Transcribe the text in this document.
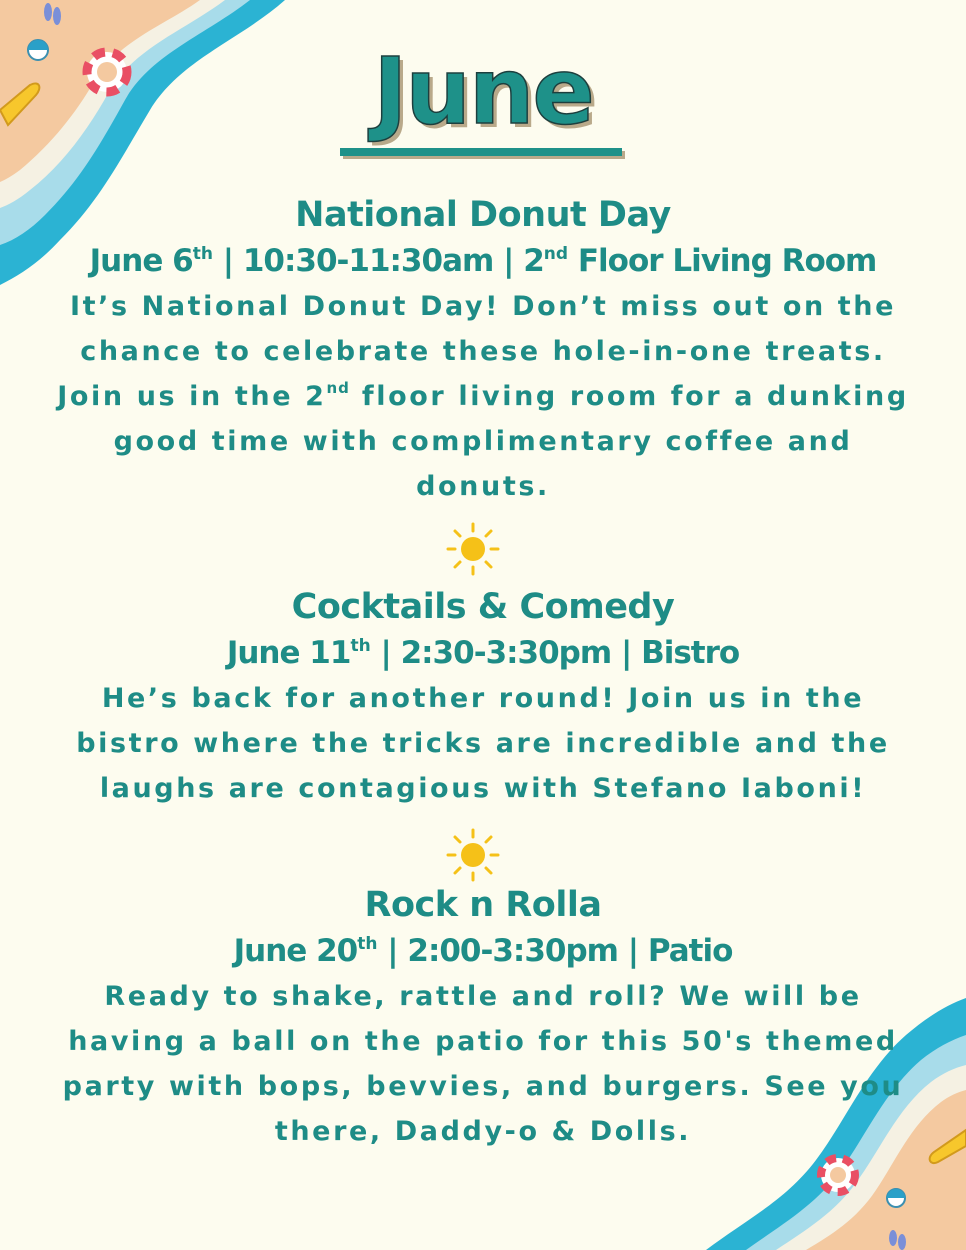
June

National Donut Day

June 6th | 10:30-11:30am | 2nd Floor Living Room

It’s National Donut Day! Don’t miss out on the
chance to celebrate these hole-in-one treats.
Join us in the 2nd floor living room for a dunking
good time with complimentary coffee and
donuts.

Cocktails & Comedy

June 11th | 2:30-3:30pm | Bistro

He’s back for another round! Join us in the
bistro where the tricks are incredible and the
laughs are contagious with Stefano Iaboni!

Rock n Rolla

June 20th | 2:00-3:30pm | Patio

Ready to shake, rattle and roll? We will be
having a ball on the patio for this 50's themed
party with bops, bevvies, and burgers. See you
there, Daddy-o & Dolls.
